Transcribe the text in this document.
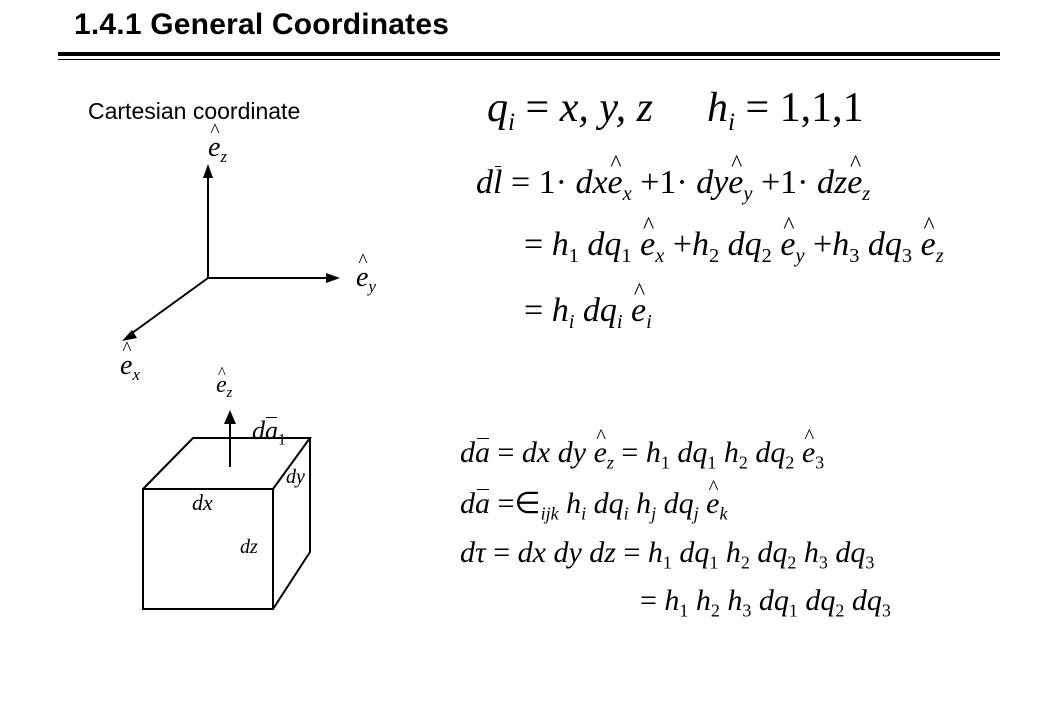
1.4.1 General Coordinates
Cartesian coordinate	$q_i = x$, y, z $h_i = 1,1,1$
dl = 1· dx^ $e_x +1\cdot$ dy^ $e_y +1\cdot$ dz^ $e_z$
= $h_1$ $dq_1$ ^ $e_x +h_2$ $dq_2$ ^ $e_y +h_3$ $dq_3$ ^ $e_z$
= $h_i$ $dq_i$ ^ $e_i$
da = dx dy ^ $e_z = h_1$ $dq_1$ $h_2$ $dq_2$ ^ $e_3$
da $=\in_{ijk}$ $h_i$ $dq_i$ $h_j$ $dq_j$ ^ $e_k$
dτ = dx dy dz = $h_1$ $dq_1$ $h_2$ $dq_2$ $h_3$ $dq_3$
= $h_1$ $h_2$ $h_3$ $dq_1$ $dq_2$ $dq_3$
^ $e_z$
^ $e_y$
^ $e_x$	^ $e_z$
$da_1$
dx
dy
dz
